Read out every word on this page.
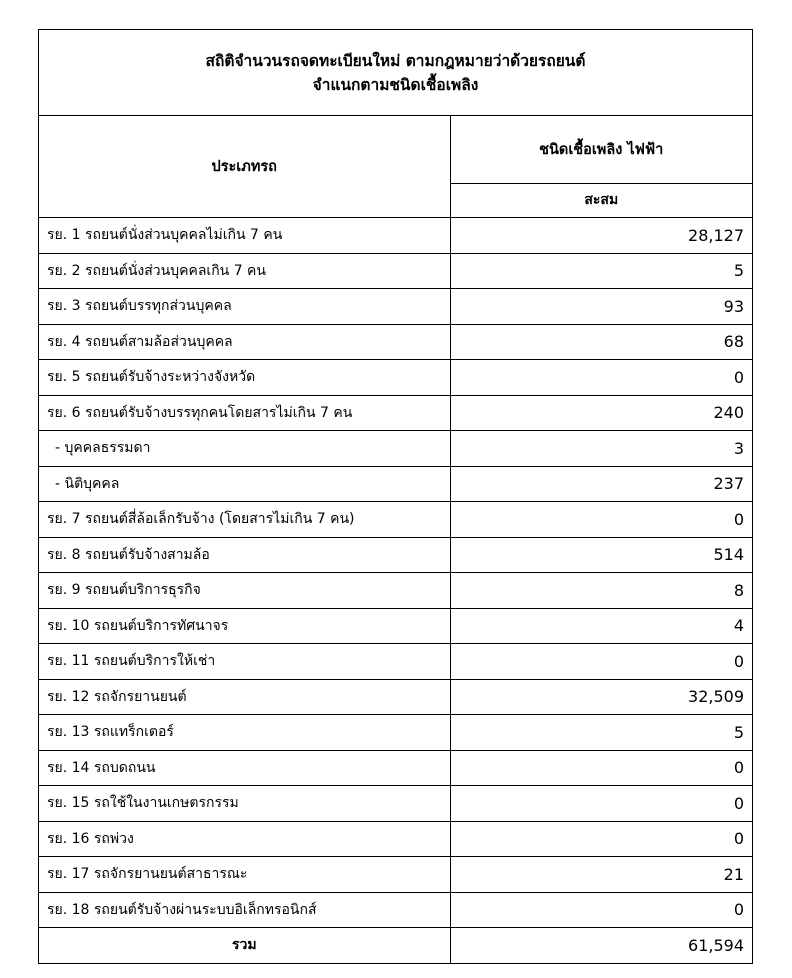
สถิติจำนวนรถจดทะเบียนใหม่ ตามกฎหมายว่าด้วยรถยนต์
จำแนกตามชนิดเชื้อเพลิง
ประเภทรถ	ชนิดเชื้อเพลิง ไฟฟ้า
	สะสม
รย. 1 รถยนต์นั่งส่วนบุคคลไม่เกิน 7 คน	28,127
รย. 2 รถยนต์นั่งส่วนบุคคลเกิน 7 คน	5
รย. 3 รถยนต์บรรทุกส่วนบุคคล	93
รย. 4 รถยนต์สามล้อส่วนบุคคล	68
รย. 5 รถยนต์รับจ้างระหว่างจังหวัด	0
รย. 6 รถยนต์รับจ้างบรรทุกคนโดยสารไม่เกิน 7 คน	240
- บุคคลธรรมดา	3
- นิติบุคคล	237
รย. 7 รถยนต์สี่ล้อเล็กรับจ้าง (โดยสารไม่เกิน 7 คน)	0
รย. 8 รถยนต์รับจ้างสามล้อ	514
รย. 9 รถยนต์บริการธุรกิจ	8
รย. 10 รถยนต์บริการทัศนาจร	4
รย. 11 รถยนต์บริการให้เช่า	0
รย. 12 รถจักรยานยนต์	32,509
รย. 13 รถแทร็กเตอร์	5
รย. 14 รถบดถนน	0
รย. 15 รถใช้ในงานเกษตรกรรม	0
รย. 16 รถพ่วง	0
รย. 17 รถจักรยานยนต์สาธารณะ	21
รย. 18 รถยนต์รับจ้างผ่านระบบอิเล็กทรอนิกส์	0
รวม	61,594
